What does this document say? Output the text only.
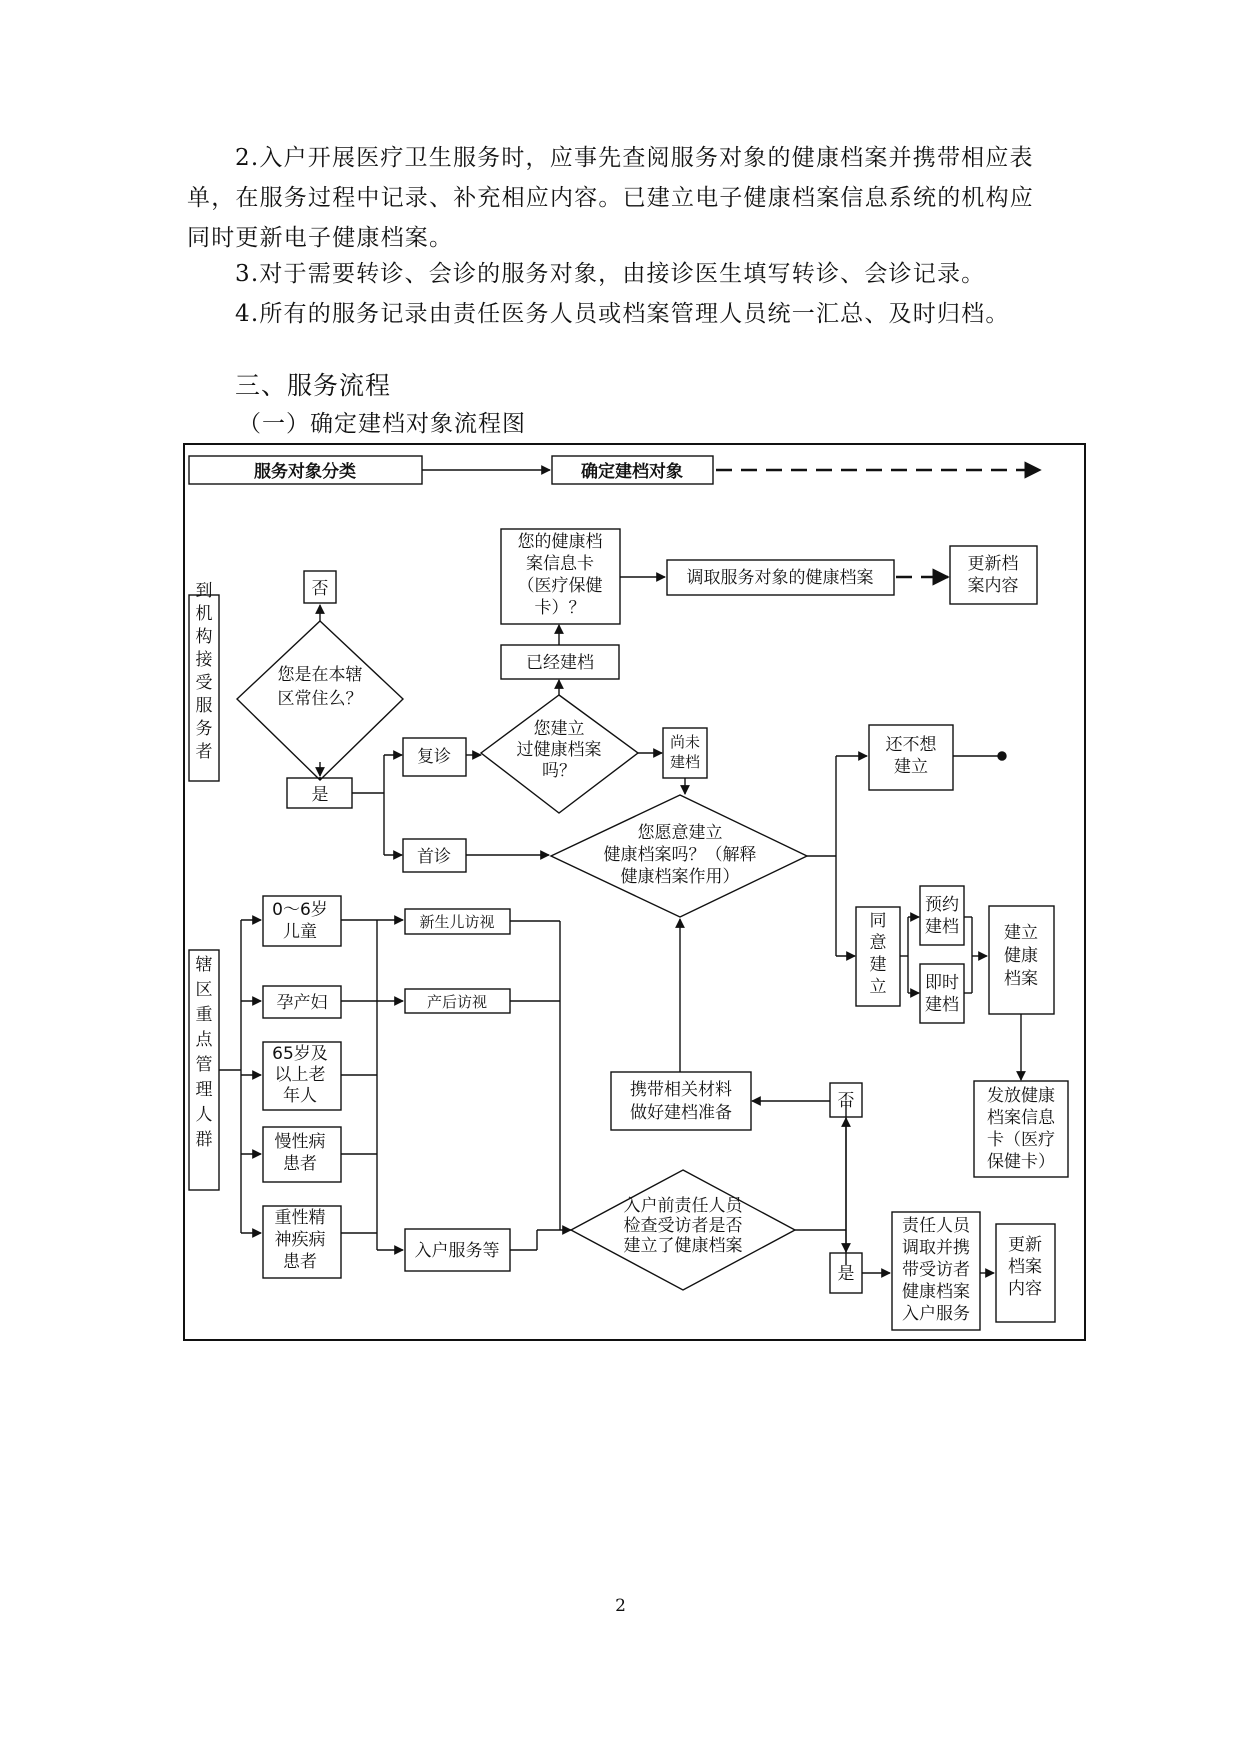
2.入户开展医疗卫生服务时，应事先查阅服务对象的健康档案并携带相应表单，在服务过程中记录、补充相应内容。已建立电子健康档案信息系统的机构应同时更新电子健康档案。

3.对于需要转诊、会诊的服务对象，由接诊医生填写转诊、会诊记录。

4.所有的服务记录由责任医务人员或档案管理人员统一汇总、及时归档。

三、服务流程

（一）确定建档对象流程图

服务对象分类	确定建档对象
到机构接受服务者
否
您是在本辖区常住么？
是
复诊
首诊
您建立过健康档案吗？
已经建档
您的健康档案信息卡（医疗保健卡）？
调取服务对象的健康档案
更新档案内容
尚未建档
您愿意建立健康档案吗？（解释健康档案作用）
还不想建立
同意建立
预约建档
即时建档
建立健康档案
发放健康档案信息卡（医疗保健卡）
辖区重点管理人群
0～6岁儿童
孕产妇
65岁及以上老年人
慢性病患者
重性精神疾病患者
新生儿访视
产后访视
入户服务等
携带相关材料做好建档准备
否
入户前责任人员检查受访者是否建立了健康档案
是
责任人员调取并携带受访者健康档案入户服务
更新档案内容
2
